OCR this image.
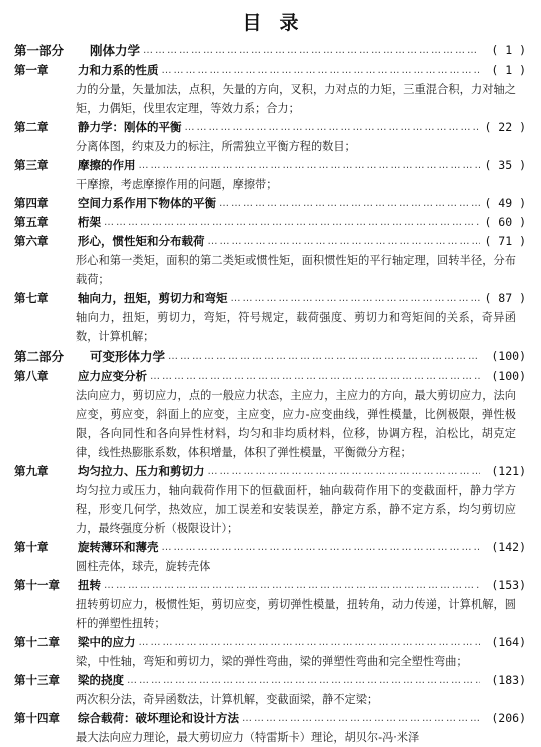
目录
第一部分	刚体力学 ………………………………………………………………………………………………………………………………………………………………	( 1 )
第一章	力和力系的性质 ………………………………………………………………………………………………………………………………………………………………	( 1 )
力的分量，矢量加法，点积，矢量的方向，叉积，力对点的力矩，三重混合积，力对轴之矩，力偶矩，伐里农定理，等效力系；合力；
第二章	静力学：刚体的平衡 ………………………………………………………………………………………………………………………………………………………………	( 22 )
分离体图，约束及力的标注，所需独立平衡方程的数目；
第三章	摩擦的作用 ………………………………………………………………………………………………………………………………………………………………	( 35 )
干摩擦，考虑摩擦作用的问题，摩擦带；
第四章	空间力系作用下物体的平衡 ………………………………………………………………………………………………………………………………………………………………	( 49 )
第五章	桁架 ………………………………………………………………………………………………………………………………………………………………	( 60 )
第六章	形心，惯性矩和分布载荷 ………………………………………………………………………………………………………………………………………………………………	( 71 )
形心和第一类矩，面积的第二类矩或惯性矩，面积惯性矩的平行轴定理，回转半径，分布载荷；
第七章	轴向力，扭矩，剪切力和弯矩 ………………………………………………………………………………………………………………………………………………………………	( 87 )
轴向力，扭矩，剪切力，弯矩，符号规定，载荷强度、剪切力和弯矩间的关系，奇异函数，计算机解；
第二部分	可变形体力学 ………………………………………………………………………………………………………………………………………………………………	(100)
第八章	应力应变分析 ………………………………………………………………………………………………………………………………………………………………	(100)
法向应力，剪切应力，点的一般应力状态，主应力，主应力的方向，最大剪切应力，法向应变，剪应变，斜面上的应变，主应变，应力-应变曲线，弹性模量，比例极限，弹性极限，各向同性和各向异性材料，均匀和非均质材料，位移，协调方程，泊松比，胡克定律，线性热膨胀系数，体积增量，体积了弹性模量，平衡微分方程；
第九章	均匀拉力、压力和剪切力 ………………………………………………………………………………………………………………………………………………………………	(121)
均匀拉力或压力，轴向载荷作用下的恒截面杆，轴向载荷作用下的变截面杆，静力学方程，形变几何学，热效应，加工误差和安装误差，静定方系，静不定方系，均匀剪切应力，最终强度分析（极限设计）；
第十章	旋转薄环和薄壳 ………………………………………………………………………………………………………………………………………………………………	(142)
圆柱壳体，球壳，旋转壳体
第十一章	扭转 ………………………………………………………………………………………………………………………………………………………………	(153)
扭转剪切应力，极惯性矩，剪切应变，剪切弹性模量，扭转角，动力传递，计算机解，圆杆的弹塑性扭转；
第十二章	梁中的应力 ………………………………………………………………………………………………………………………………………………………………	(164)
梁，中性轴，弯矩和剪切力，梁的弹性弯曲，梁的弹塑性弯曲和完全塑性弯曲；
第十三章	梁的挠度 ………………………………………………………………………………………………………………………………………………………………	(183)
两次积分法，奇异函数法，计算机解，变截面梁，静不定梁；
第十四章	综合载荷：破坏理论和设计方法 ………………………………………………………………………………………………………………………………………………………………	(206)
最大法向应力理论，最大剪切应力（特雷斯卡）理论，胡贝尔-冯·米泽
